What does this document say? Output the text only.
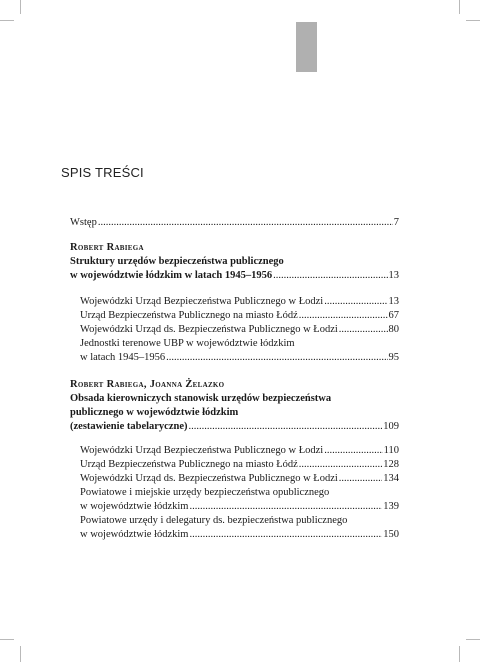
SPIS TREŚCI
Wstęp .....	7
Robert Rabiega
Struktury urzędów bezpieczeństwa publicznego
w województwie łódzkim w latach 1945–1956 .....	13
Wojewódzki Urząd Bezpieczeństwa Publicznego w Łodzi .....	13
Urząd Bezpieczeństwa Publicznego na miasto Łódź .....	67
Wojewódzki Urząd ds. Bezpieczeństwa Publicznego w Łodzi .....	80
Jednostki terenowe UBP w województwie łódzkim
w latach 1945–1956 .....	95
Robert Rabiega, Joanna Żelazko
Obsada kierowniczych stanowisk urzędów bezpieczeństwa
publicznego w województwie łódzkim
(zestawienie tabelaryczne) .....	109
Wojewódzki Urząd Bezpieczeństwa Publicznego w Łodzi .....	110
Urząd Bezpieczeństwa Publicznego na miasto Łódź .....	128
Wojewódzki Urząd ds. Bezpieczeństwa Publicznego w Łodzi .....	134
Powiatowe i miejskie urzędy bezpieczeństwa opublicznego
w województwie łódzkim .....	139
Powiatowe urzędy i delegatury ds. bezpieczeństwa publicznego
w województwie łódzkim .....	150
